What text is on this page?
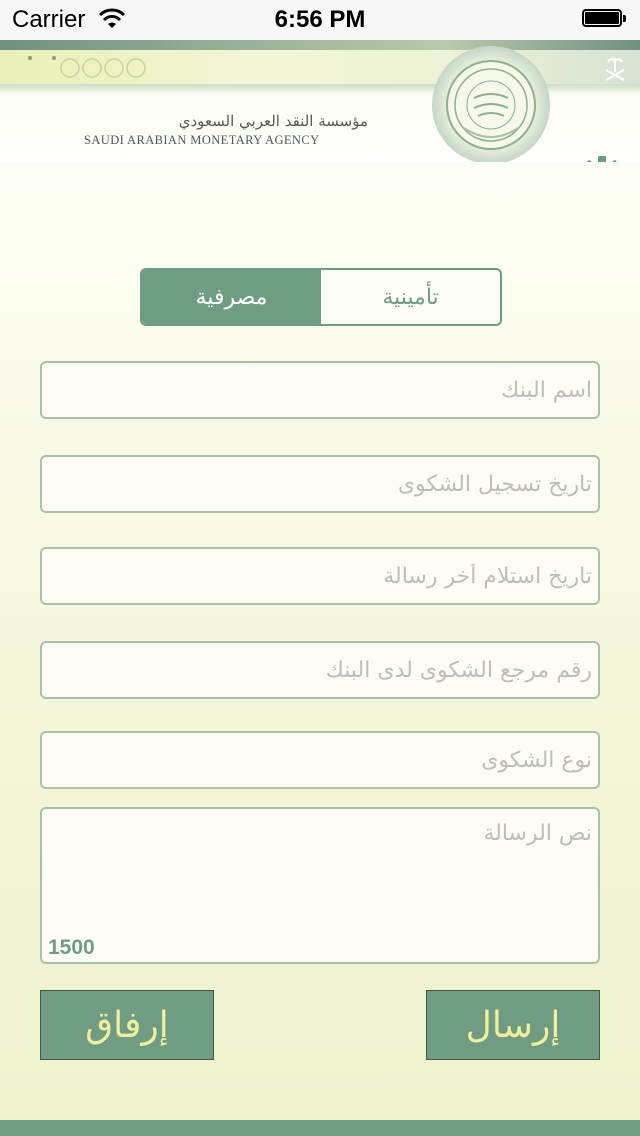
Carrier	6:56 PM
مؤسسة النقد العربي السعودي
SAUDI ARABIAN MONETARY AGENCY
مصرفية	تأمينية
اسم البنك
تاريخ تسجيل الشكوى
تاريخ استلام أخر رسالة
رقم مرجع الشكوى لدى البنك
نوع الشكوى
نص الرسالة
1500
إرفاق	إرسال
